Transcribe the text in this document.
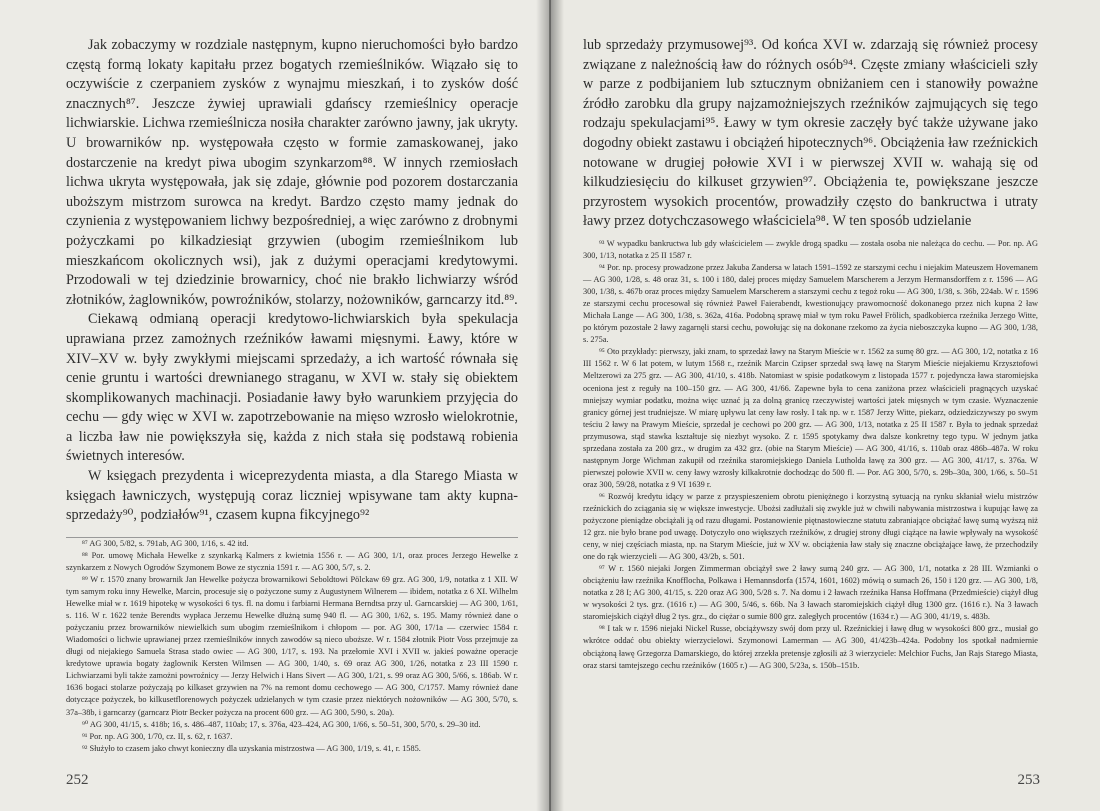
Jak zobaczymy w rozdziale następnym, kupno nieruchomości było bardzo częstą formą lokaty kapitału przez bogatych rzemieślników. Wiązało się to oczywiście z czerpaniem zysków z wynajmu mieszkań, i to zysków dość znacznych⁸⁷. Jeszcze żywiej uprawiali gdańscy rzemieślnicy operacje lichwiarskie. Lichwa rzemieślnicza nosiła charakter zarówno jawny, jak ukryty. U browarników np. występowała często w formie zamaskowanej, jako dostarczenie na kredyt piwa ubogim szynkarzom⁸⁸. W innych rzemiosłach lichwa ukryta występowała, jak się zdaje, głównie pod pozorem dostarczania uboższym mistrzom surowca na kredyt. Bardzo często mamy jednak do czynienia z występowaniem lichwy bezpośredniej, a więc zarówno z drobnymi pożyczkami po kilkadziesiąt grzywien (ubogim rzemieślnikom lub mieszkańcom okolicznych wsi), jak z dużymi operacjami kredytowymi. Przodowali w tej dziedzinie browarnicy, choć nie brakło lichwiarzy wśród złotników, żaglowników, powroźników, stolarzy, nożowników, garncarzy itd.⁸⁹.

Ciekawą odmianą operacji kredytowo-lichwiarskich była spekulacja uprawiana przez zamożnych rzeźników ławami mięsnymi. Ławy, które w XIV–XV w. były zwykłymi miejscami sprzedaży, a ich wartość równała się cenie gruntu i wartości drewnianego straganu, w XVI w. stały się obiektem skomplikowanych machinacji. Posiadanie ławy było warunkiem przyjęcia do cechu — gdy więc w XVI w. zapotrzebowanie na mięso wzrosło wielokrotnie, a liczba ław nie powiększyła się, każda z nich stała się podstawą robienia świetnych interesów.

W księgach prezydenta i wiceprezydenta miasta, a dla Starego Miasta w księgach ławniczych, występują coraz liczniej wpisywane tam akty kupna-sprzedaży⁹⁰, podziałów⁹¹, czasem kupna fikcyjnego⁹²

⁸⁷ AG 300, 5/82, s. 791ab, AG 300, 1/16, s. 42 itd.

⁸⁸ Por. umowę Michała Hewelke z szynkarką Kalmers z kwietnia 1556 r. — AG 300, 1/1, oraz proces Jerzego Hewelke z szynkarzem z Nowych Ogrodów Szymonem Bowe ze stycznia 1591 r. — AG 300, 5/7, s. 2.

⁸⁹ W r. 1570 znany browarnik Jan Hewelke pożycza browarnikowi Seboldtowi Pölckaw 69 grz. AG 300, 1/9, notatka z 1 XII. W tym samym roku inny Hewelke, Marcin, procesuje się o pożyczone sumy z Augustynem Wilnerem — ibidem, notatka z 6 XI. Wilhelm Hewelke miał w r. 1619 hipotekę w wysokości 6 tys. fl. na domu i farbiarni Hermana Berndtsa przy ul. Garncarskiej — AG 300, 1/61, s. 116. W r. 1622 tenże Berendts wypłaca Jerzemu Hewelke dłużną sumę 940 fl. — AG 300, 1/62, s. 195. Mamy również dane o pożyczaniu przez browarników niewielkich sum ubogim rzemieślnikom i chłopom — por. AG 300, 17/1a — czerwiec 1584 r. Wiadomości o lichwie uprawianej przez rzemieślników innych zawodów są nieco uboższe. W r. 1584 złotnik Piotr Voss przejmuje za długi od niejakiego Samuela Strasa stado owiec — AG 300, 1/17, s. 193. Na przełomie XVI i XVII w. jakieś poważne operacje kredytowe uprawia bogaty żaglownik Kersten Wilmsen — AG 300, 1/40, s. 69 oraz AG 300, 1/26, notatka z 23 III 1590 r. Lichwiarzami byli także zamożni powroźnicy — Jerzy Helwich i Hans Sivert — AG 300, 1/21, s. 99 oraz AG 300, 5/66, s. 186ab. W r. 1636 bogaci stolarze pożyczają po kilkaset grzywien na 7% na remont domu cechowego — AG 300, C/1757. Mamy również dane dotyczące pożyczek, bo kilkusetflorenowych pożyczek udzielanych w tym czasie przez niektórych nożowników — AG 300, 5/70, s. 37a–38b, i garncarzy (garncarz Piotr Becker pożycza na procent 600 grz. — AG 300, 5/90, s. 20a).

⁹⁰ AG 300, 41/15, s. 418b; 16, s. 486–487, 110ab; 17, s. 376a, 423–424, AG 300, 1/66, s. 50–51, 300, 5/70, s. 29–30 itd.

⁹¹ Por. np. AG 300, 1/70, cz. II, s. 62, r. 1637.

⁹² Służyło to czasem jako chwyt konieczny dla uzyskania mistrzostwa — AG 300, 1/19, s. 41, r. 1585.

252

lub sprzedaży przymusowej⁹³. Od końca XVI w. zdarzają się również procesy związane z należnością ław do różnych osób⁹⁴. Częste zmiany właścicieli szły w parze z podbijaniem lub sztucznym obniżaniem cen i stanowiły poważne źródło zarobku dla grupy najzamożniejszych rzeźników zajmujących się tego rodzaju spekulacjami⁹⁵. Ławy w tym okresie zaczęły być także używane jako dogodny obiekt zastawu i obciążeń hipotecznych⁹⁶. Obciążenia ław rzeźnickich notowane w drugiej połowie XVI i w pierwszej XVII w. wahają się od kilkudziesięciu do kilkuset grzywien⁹⁷. Obciążenia te, powiększane jeszcze przyrostem wysokich procentów, prowadziły często do bankructwa i utraty ławy przez dotychczasowego właściciela⁹⁸. W ten sposób udzielanie

⁹³ W wypadku bankructwa lub gdy właścicielem — zwykle drogą spadku — została osoba nie należąca do cechu. — Por. np. AG 300, 1/13, notatka z 25 II 1587 r.

⁹⁴ Por. np. procesy prowadzone przez Jakuba Zandersa w latach 1591–1592 ze starszymi cechu i niejakim Mateuszem Hovemanem — AG 300, 1/28, s. 48 oraz 31, s. 100 i 180, dalej proces między Samuelem Marscherem a Jerzym Hermansdorffem z r. 1596 — AG 300, 1/38, s. 467b oraz proces między Samuelem Marscherem a starszymi cechu z tegoż roku — AG 300, 1/38, s. 36b, 224ab. W r. 1596 ze starszymi cechu procesował się również Paweł Faierabendt, kwestionujący prawomocność dokonanego przez nich kupna 2 ław Michała Lange — AG 300, 1/38, s. 362a, 416a. Podobną sprawę miał w tym roku Paweł Frölich, spadkobierca rzeźnika Jerzego Witte, po którym pozostałe 2 ławy zagarnęli starsi cechu, powołując się na dokonane rzekomo za życia nieboszczyka kupno — AG 300, 1/38, s. 275a.

⁹⁵ Oto przykłady: pierwszy, jaki znam, to sprzedaż ławy na Starym Mieście w r. 1562 za sumę 80 grz. — AG 300, 1/2, notatka z 16 III 1562 r. W 6 lat potem, w lutym 1568 r., rzeźnik Marcin Czipser sprzedał swą ławę na Starym Mieście niejakiemu Krzysztofowi Meltzerowi za 275 grz. — AG 300, 41/10, s. 418b. Natomiast w spisie podatkowym z listopada 1577 r. pojedyncza ława staromiejska oceniona jest z reguły na 100–150 grz. — AG 300, 41/66. Zapewne była to cena zaniżona przez właścicieli pragnących uzyskać mniejszy wymiar podatku, można więc uznać ją za dolną granicę rzeczywistej wartości jatek mięsnych w tym czasie. Wyznaczenie granicy górnej jest trudniejsze. W miarę upływu lat ceny ław rosły. I tak np. w r. 1587 Jerzy Witte, piekarz, odziedziczywszy po swym teściu 2 ławy na Prawym Mieście, sprzedał je cechowi po 200 grz. — AG 300, 1/13, notatka z 25 II 1587 r. Była to jednak sprzedaż przymusowa, stąd stawka kształtuje się niezbyt wysoko. Z r. 1595 spotykamy dwa dalsze konkretny tego typu. W jednym jatka sprzedana została za 200 grz., w drugim za 432 grz. (obie na Starym Mieście) — AG 300, 41/16, s. 110ab oraz 486b–487a. W roku następnym Jorge Wichman zakupił od rzeźnika staromiejskiego Daniela Lutholda ławę za 300 grz. — AG 300, 41/17, s. 376a. W pierwszej połowie XVII w. ceny ławy wzrosły kilkakrotnie dochodząc do 500 fl. — Por. AG 300, 5/70, s. 29b–30a, 300, 1/66, s. 50–51 oraz 300, 59/28, notatka z 9 VI 1639 r.

⁹⁶ Rozwój kredytu idący w parze z przyspieszeniem obrotu pieniężnego i korzystną sytuacją na rynku skłaniał wielu mistrzów rzeźnickich do zciągania się w większe inwestycje. Ubożsi zadłużali się zwykle już w chwili nabywania mistrzostwa i kupując ławę za pożyczone pieniądze obciążali ją od razu długami. Postanowienie piętnastowieczne statutu zabraniające obciążać ławę sumą wyższą niż 12 grz. nie było brane pod uwagę. Dotyczyło ono większych rzeźników, z drugiej strony długi ciążące na ławie wpływały na wysokość ceny, w niej częściach miasta, np. na Starym Mieście, już w XV w. obciążenia ław stały się znaczne obciążające ławę, że przechodziły one do rąk wierzycieli — AG 300, 43/2b, s. 501.

⁹⁷ W r. 1560 niejaki Jorgen Zimmerman obciążył swe 2 ławy sumą 240 grz. — AG 300, 1/1, notatka z 28 III. Wzmianki o obciążeniu ław rzeźnika Knofflocha, Polkawa i Hemannsdorfa (1574, 1601, 1602) mówią o sumach 26, 150 i 120 grz. — AG 300, 1/8, notatka z 28 I; AG 300, 41/15, s. 220 oraz AG 300, 5/28 s. 7. Na domu i 2 ławach rzeźnika Hansa Hoffmana (Przedmieście) ciążył dług w wysokości 2 tys. grz. (1616 r.) — AG 300, 5/46, s. 66b. Na 3 ławach staromiejskich ciążył dług 1300 grz. (1616 r.). Na 3 ławach staromiejskich ciążył dług 2 tys. grz., do ciężar o sumie 800 grz. zaległych procentów (1634 r.) — AG 300, 41/19, s. 483b.

⁹⁸ I tak w r. 1596 niejaki Nickel Russe, obciążywszy swój dom przy ul. Rzeźnickiej i ławę dług w wysokości 800 grz., musiał go wkrótce oddać obu obiekty wierzycielowi. Szymonowi Lamerman — AG 300, 41/423b–424a. Podobny los spotkał nadmiernie obciążoną ławę Grzegorza Damarskiego, do której zrzekła pretensje zgłosili aż 3 wierzyciele: Melchior Fuchs, Jan Rajs Starego Miasta, oraz starsi tamtejszego cechu rzeźników (1605 r.) — AG 300, 5/23a, s. 150b–151b.

253
